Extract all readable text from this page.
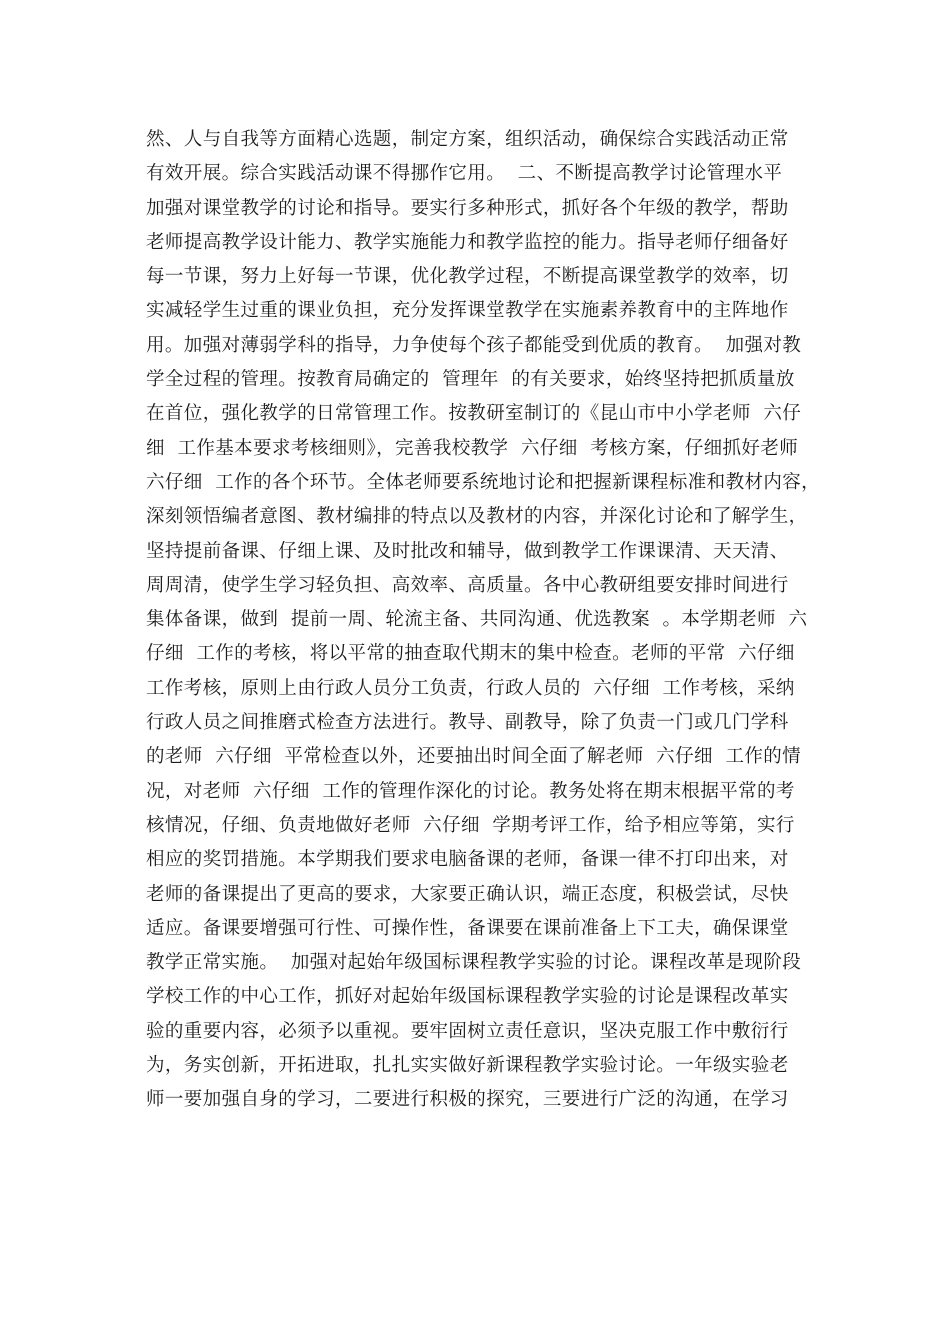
然、人与自我等方面精心选题，制定方案，组织活动，确保综合实践活动正常
有效开展。综合实践活动课不得挪作它用。  二、不断提高教学讨论管理水平
加强对课堂教学的讨论和指导。要实行多种形式，抓好各个年级的教学，帮助
老师提高教学设计能力、教学实施能力和教学监控的能力。指导老师仔细备好
每一节课，努力上好每一节课，优化教学过程，不断提高课堂教学的效率，切
实减轻学生过重的课业负担，充分发挥课堂教学在实施素养教育中的主阵地作
用。加强对薄弱学科的指导，力争使每个孩子都能受到优质的教育。  加强对教
学全过程的管理。按教育局确定的  管理年  的有关要求，始终坚持把抓质量放
在首位，强化教学的日常管理工作。按教研室制订的《昆山市中小学老师  六仔
细  工作基本要求考核细则》，完善我校教学  六仔细  考核方案，仔细抓好老师
六仔细  工作的各个环节。全体老师要系统地讨论和把握新课程标准和教材内容，
深刻领悟编者意图、教材编排的特点以及教材的内容，并深化讨论和了解学生，
坚持提前备课、仔细上课、及时批改和辅导，做到教学工作课课清、天天清、
周周清，使学生学习轻负担、高效率、高质量。各中心教研组要安排时间进行
集体备课，做到  提前一周、轮流主备、共同沟通、优选教案  。本学期老师  六
仔细  工作的考核，将以平常的抽查取代期末的集中检查。老师的平常  六仔细
工作考核，原则上由行政人员分工负责，行政人员的  六仔细  工作考核，采纳
行政人员之间推磨式检查方法进行。教导、副教导，除了负责一门或几门学科
的老师  六仔细  平常检查以外，还要抽出时间全面了解老师  六仔细  工作的情
况，对老师  六仔细  工作的管理作深化的讨论。教务处将在期末根据平常的考
核情况，仔细、负责地做好老师  六仔细  学期考评工作，给予相应等第，实行
相应的奖罚措施。本学期我们要求电脑备课的老师，备课一律不打印出来，对
老师的备课提出了更高的要求，大家要正确认识，端正态度，积极尝试，尽快
适应。备课要增强可行性、可操作性，备课要在课前准备上下工夫，确保课堂
教学正常实施。  加强对起始年级国标课程教学实验的讨论。课程改革是现阶段
学校工作的中心工作，抓好对起始年级国标课程教学实验的讨论是课程改革实
验的重要内容，必须予以重视。要牢固树立责任意识，坚决克服工作中敷衍行
为，务实创新，开拓进取，扎扎实实做好新课程教学实验讨论。一年级实验老
师一要加强自身的学习，二要进行积极的探究，三要进行广泛的沟通，在学习
